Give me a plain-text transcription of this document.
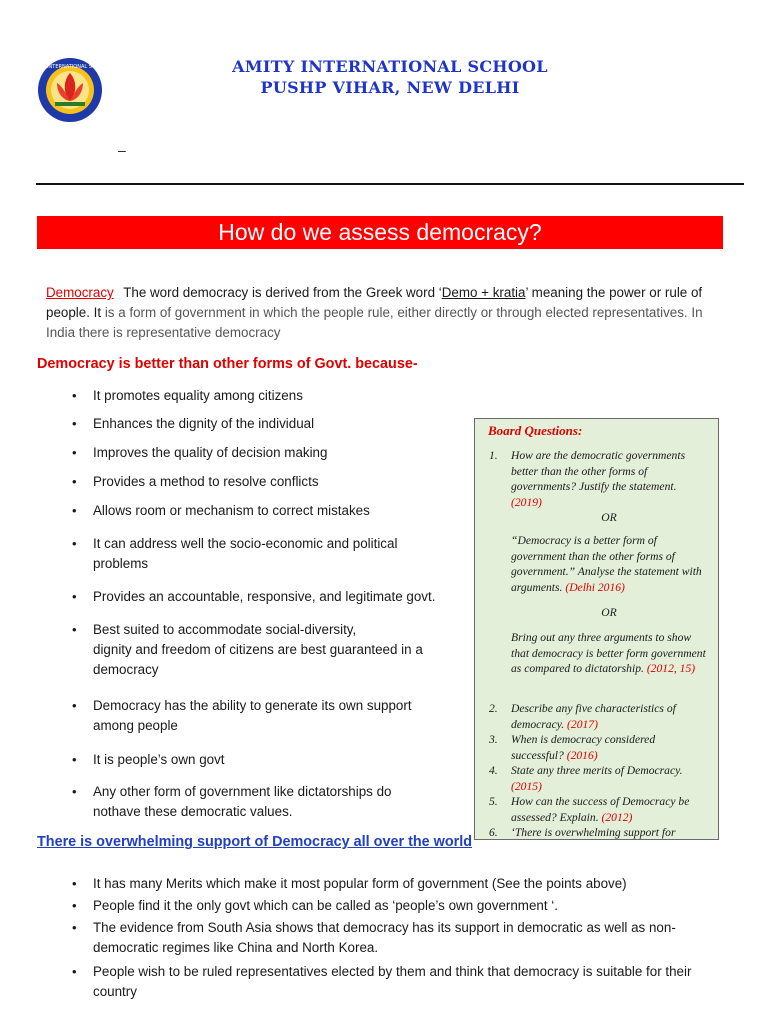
AMITY INTERNATIONAL SCHOOL	AMITY INTERNATIONAL SCHOOL
PUSHP VIHAR, NEW DELHI
–
How do we assess democracy?
Democracy The word democracy is derived from the Greek word ‘Demo + kratia’ meaning the power or rule of people. It is a form of government in which the people rule, either directly or through elected representatives. In India there is representative democracy
Democracy is better than other forms of Govt. because-
• It promotes equality among citizens
• Enhances the dignity of the individual
• Improves the quality of decision making
• Provides a method to resolve conflicts
• Allows room or mechanism to correct mistakes
• It can address well the socio-economic and political problems
• Provides an accountable, responsive, and legitimate govt.
• Best suited to accommodate social-diversity,
dignity and freedom of citizens are best guaranteed in a democracy
• Democracy has the ability to generate its own support among people
• It is people’s own govt
• Any other form of government like dictatorships do nothave these democratic values.
Board Questions:
1. How are the democratic governments better than the other forms of governments? Justify the statement. (2019)
OR
“Democracy is a better form of government than the other forms of government.” Analyse the statement with arguments. (Delhi 2016)
OR
Bring out any three arguments to show that democracy is better form government as compared to dictatorship. (2012, 15)
2. Describe any five characteristics of democracy. (2017)
3. When is democracy considered successful? (2016)
4. State any three merits of Democracy. (2015)
5. How can the success of Democracy be assessed? Explain. (2012)
6. ‘There is overwhelming support for
There is overwhelming support of Democracy all over the world
• It has many Merits which make it most popular form of government (See the points above)
• People find it the only govt which can be called as ‘people’s own government ‘.
• The evidence from South Asia shows that democracy has its support in democratic as well as non-democratic regimes like China and North Korea.
• People wish to be ruled representatives elected by them and think that democracy is suitable for their country
